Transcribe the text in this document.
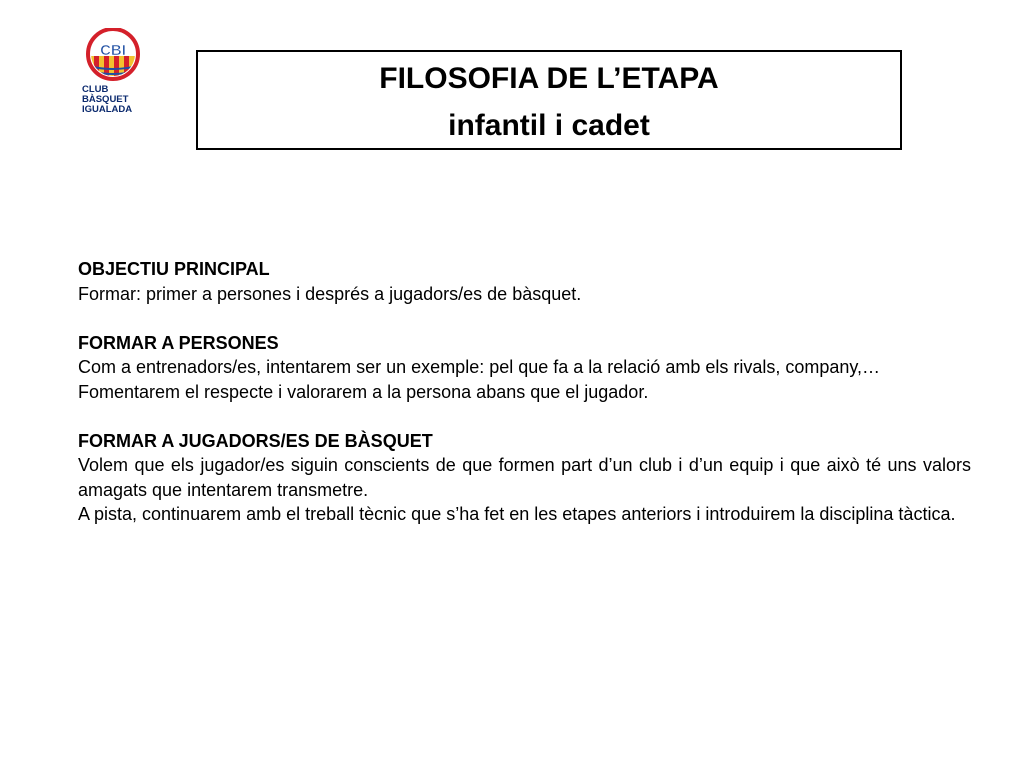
CBI
CLUB
BÀSQUET
IGUALADA
FILOSOFIA DE L’ETAPA
infantil i cadet

OBJECTIU PRINCIPAL

Formar: primer a persones i després a jugadors/es de bàsquet.

FORMAR A PERSONES

Com a entrenadors/es, intentarem ser un exemple: pel que fa a la relació amb els rivals, company,…

Fomentarem el respecte i valorarem a la persona abans que el jugador.

FORMAR A JUGADORS/ES DE BÀSQUET

Volem que els jugador/es siguin conscients de que formen part d’un club i d’un equip i que això té uns valors amagats que intentarem transmetre.

A pista, continuarem amb el treball tècnic que s’ha fet en les etapes anteriors i introduirem la disciplina tàctica.
